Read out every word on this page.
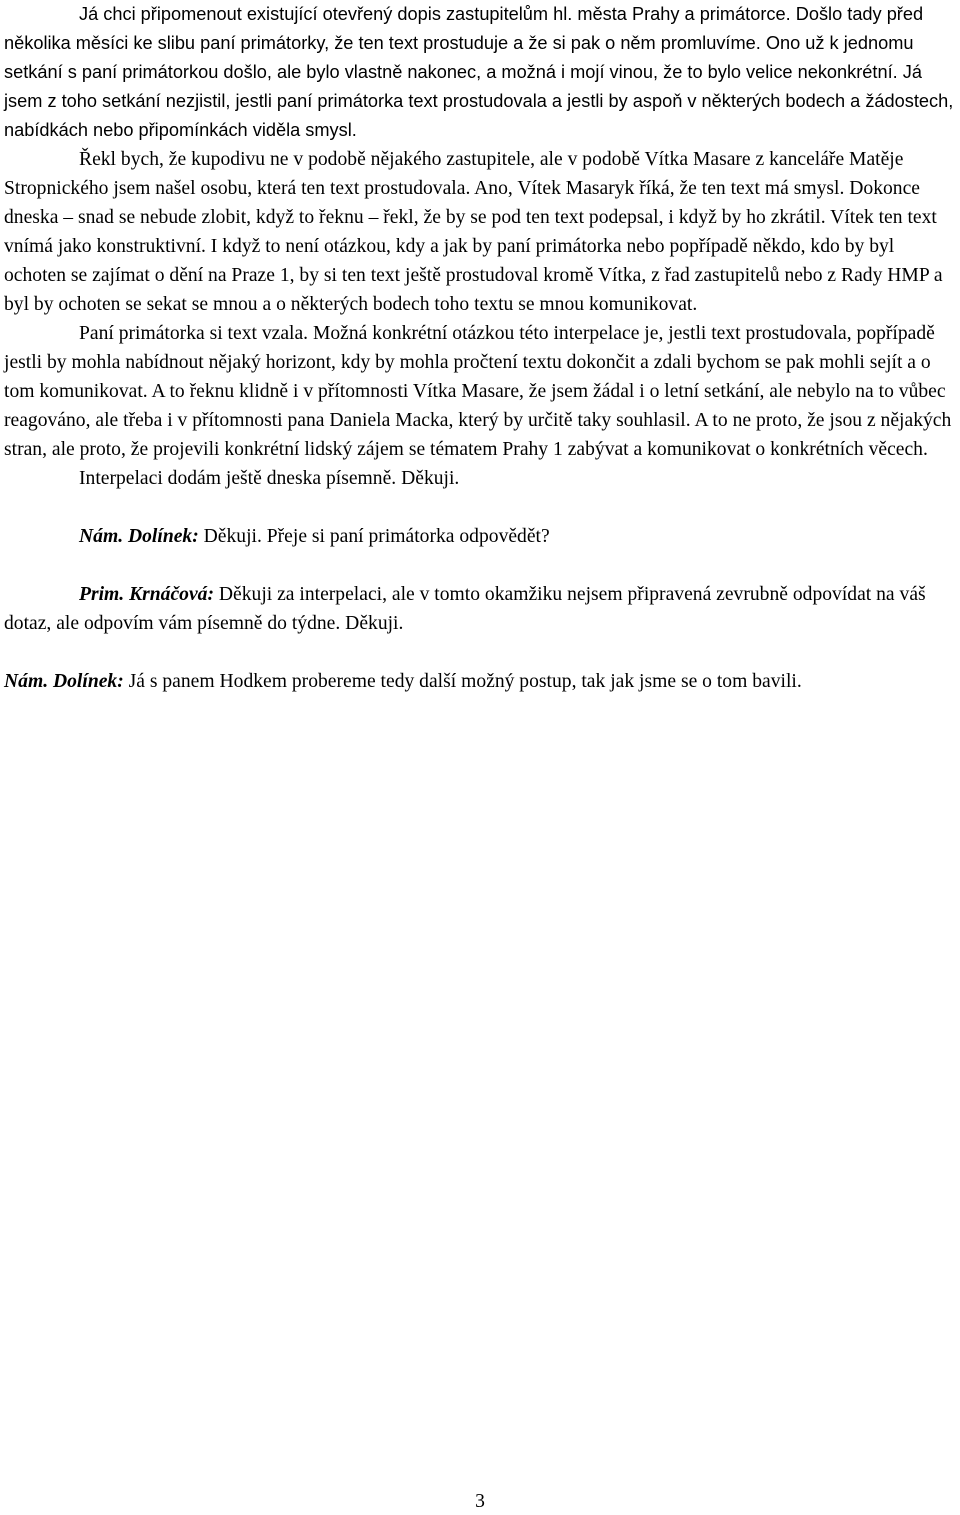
Já chci připomenout existující otevřený dopis zastupitelům hl. města Prahy a primátorce. Došlo tady před několika měsíci ke slibu paní primátorky, že ten text prostuduje a že si pak o něm promluvíme. Ono už k jednomu setkání s paní primátorkou došlo, ale bylo vlastně nakonec, a možná i mojí vinou, že to bylo velice nekonkrétní. Já jsem z toho setkání nezjistil, jestli paní primátorka text prostudovala a jestli by aspoň v některých bodech a žádostech, nabídkách nebo připomínkách viděla smysl.

Řekl bych, že kupodivu ne v podobě nějakého zastupitele, ale v podobě Vítka Masare z kanceláře Matěje Stropnického jsem našel osobu, která ten text prostudovala. Ano, Vítek Masaryk říká, že ten text má smysl. Dokonce dneska – snad se nebude zlobit, když to řeknu – řekl, že by se pod ten text podepsal, i když by ho zkrátil. Vítek ten text vnímá jako konstruktivní. I když to není otázkou, kdy a jak by paní primátorka nebo popřípadě někdo, kdo by byl ochoten se zajímat o dění na Praze 1, by si ten text ještě prostudoval kromě Vítka, z řad zastupitelů nebo z Rady HMP a byl by ochoten se sekat se mnou a o některých bodech toho textu se mnou komunikovat.

Paní primátorka si text vzala. Možná konkrétní otázkou této interpelace je, jestli text prostudovala, popřípadě jestli by mohla nabídnout nějaký horizont, kdy by mohla pročtení textu dokončit a zdali bychom se pak mohli sejít a o tom komunikovat. A to řeknu klidně i v přítomnosti Vítka Masare, že jsem žádal i o letní setkání, ale nebylo na to vůbec reagováno, ale třeba i v přítomnosti pana Daniela Macka, který by určitě taky souhlasil. A to ne proto, že jsou z nějakých stran, ale proto, že projevili konkrétní lidský zájem se tématem Prahy 1 zabývat a komunikovat o konkrétních věcech.

Interpelaci dodám ještě dneska písemně. Děkuji.

Nám. Dolínek: Děkuji. Přeje si paní primátorka odpovědět?

Prim. Krnáčová: Děkuji za interpelaci, ale v tomto okamžiku nejsem připravená zevrubně odpovídat na váš dotaz, ale odpovím vám písemně do týdne. Děkuji.

Nám. Dolínek: Já s panem Hodkem probereme tedy další možný postup, tak jak jsme se o tom bavili.

3
